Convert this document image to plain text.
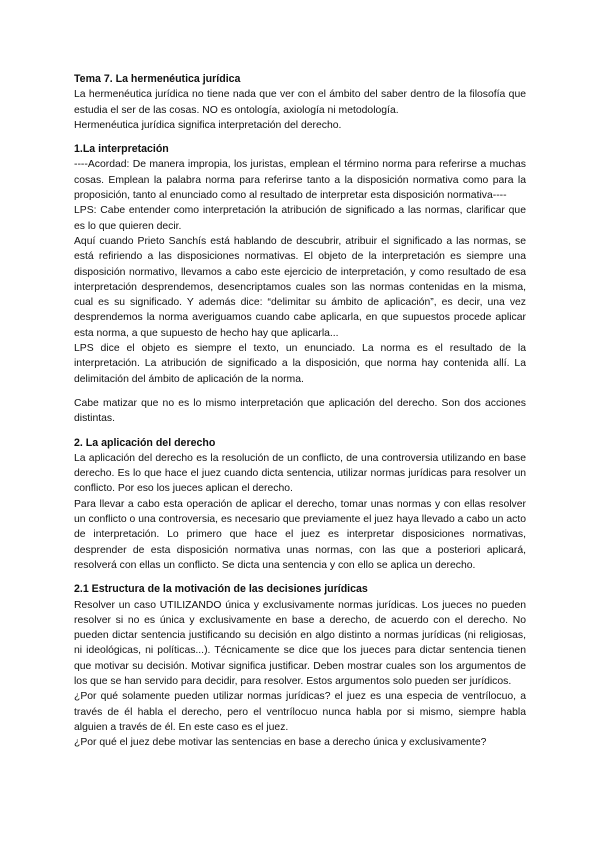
Tema 7. La hermenéutica jurídica

La hermenéutica jurídica no tiene nada que ver con el ámbito del saber dentro de la filosofía que estudia el ser de las cosas. NO es ontología, axiología ni metodología.

Hermenéutica jurídica significa interpretación del derecho.

1.La interpretación

----Acordad: De manera impropia, los juristas, emplean el término norma para referirse a muchas cosas. Emplean la palabra norma para referirse tanto a la disposición normativa como para la proposición, tanto al enunciado como al resultado de interpretar esta disposición normativa----

LPS: Cabe entender como interpretación la atribución de significado a las normas, clarificar que es lo que quieren decir.

Aquí cuando Prieto Sanchís está hablando de descubrir, atribuir el significado a las normas, se está refiriendo a las disposiciones normativas. El objeto de la interpretación es siempre una disposición normativo, llevamos a cabo este ejercicio de interpretación, y como resultado de esa interpretación desprendemos, desencriptamos cuales son las normas contenidas en la misma, cual es su significado. Y además dice: “delimitar su ámbito de aplicación”, es decir, una vez desprendemos la norma averiguamos cuando cabe aplicarla, en que supuestos procede aplicar esta norma, a que supuesto de hecho hay que aplicarla...

LPS dice el objeto es siempre el texto, un enunciado. La norma es el resultado de la interpretación. La atribución de significado a la disposición, que norma hay contenida allí. La delimitación del ámbito de aplicación de la norma.

Cabe matizar que no es lo mismo interpretación que aplicación del derecho. Son dos acciones distintas.

2. La aplicación del derecho

La aplicación del derecho es la resolución de un conflicto, de una controversia utilizando en base derecho. Es lo que hace el juez cuando dicta sentencia, utilizar normas jurídicas para resolver un conflicto. Por eso los jueces aplican el derecho.

Para llevar a cabo esta operación de aplicar el derecho, tomar unas normas y con ellas resolver un conflicto o una controversia, es necesario que previamente el juez haya llevado a cabo un acto de interpretación. Lo primero que hace el juez es interpretar disposiciones normativas, desprender de esta disposición normativa unas normas, con las que a posteriori aplicará, resolverá con ellas un conflicto. Se dicta una sentencia y con ello se aplica un derecho.

2.1 Estructura de la motivación de las decisiones jurídicas

Resolver un caso UTILIZANDO única y exclusivamente normas jurídicas. Los jueces no pueden resolver si no es única y exclusivamente en base a derecho, de acuerdo con el derecho. No pueden dictar sentencia justificando su decisión en algo distinto a normas jurídicas (ni religiosas, ni ideológicas, ni políticas...). Técnicamente se dice que los jueces para dictar sentencia tienen que motivar su decisión. Motivar significa justificar. Deben mostrar cuales son los argumentos de los que se han servido para decidir, para resolver. Estos argumentos solo pueden ser jurídicos.

¿Por qué solamente pueden utilizar normas jurídicas? el juez es una especia de ventrílocuo, a través de él habla el derecho, pero el ventrílocuo nunca habla por si mismo, siempre habla alguien a través de él. En este caso es el juez.

¿Por qué el juez debe motivar las sentencias en base a derecho única y exclusivamente?
